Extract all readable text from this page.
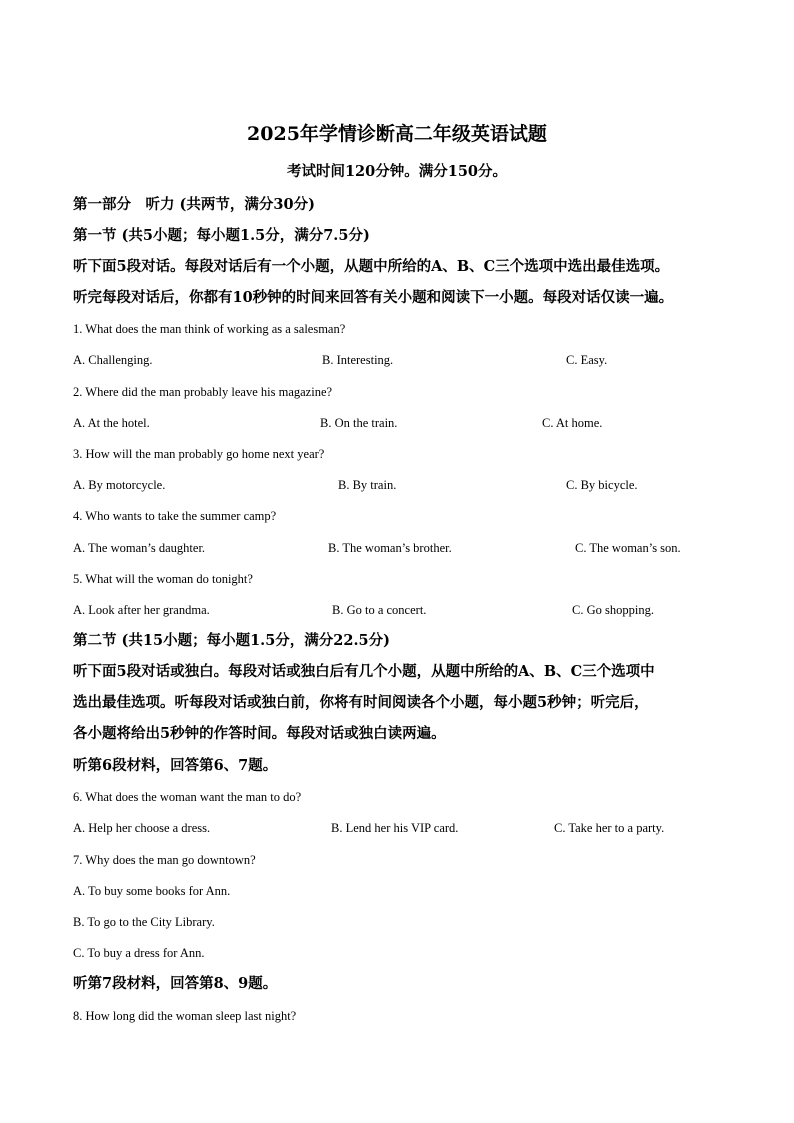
2025年学情诊断高二年级英语试题
考试时间120分钟。满分150分。
第一部分　听力 (共两节，满分30分)
第一节 (共5小题；每小题1.5分，满分7.5分)
听下面5段对话。每段对话后有一个小题，从题中所给的A、B、C三个选项中选出最佳选项。
听完每段对话后，你都有10秒钟的时间来回答有关小题和阅读下一小题。每段对话仅读一遍。
1. What does the man think of working as a salesman?
A. Challenging.	B. Interesting.	C. Easy.
2. Where did the man probably leave his magazine?
A. At the hotel.	B. On the train.	C. At home.
3. How will the man probably go home next year?
A. By motorcycle.	B. By train.	C. By bicycle.
4. Who wants to take the summer camp?
A. The woman’s daughter.	B. The woman’s brother.	C. The woman’s son.
5. What will the woman do tonight?
A. Look after her grandma.	B. Go to a concert.	C. Go shopping.
第二节 (共15小题；每小题1.5分，满分22.5分)
听下面5段对话或独白。每段对话或独白后有几个小题，从题中所给的A、B、C三个选项中
选出最佳选项。听每段对话或独白前，你将有时间阅读各个小题，每小题5秒钟；听完后，
各小题将给出5秒钟的作答时间。每段对话或独白读两遍。
听第6段材料，回答第6、7题。
6. What does the woman want the man to do?
A. Help her choose a dress.	B. Lend her his VIP card.	C. Take her to a party.
7. Why does the man go downtown?
A. To buy some books for Ann.
B. To go to the City Library.
C. To buy a dress for Ann.
听第7段材料，回答第8、9题。
8. How long did the woman sleep last night?
